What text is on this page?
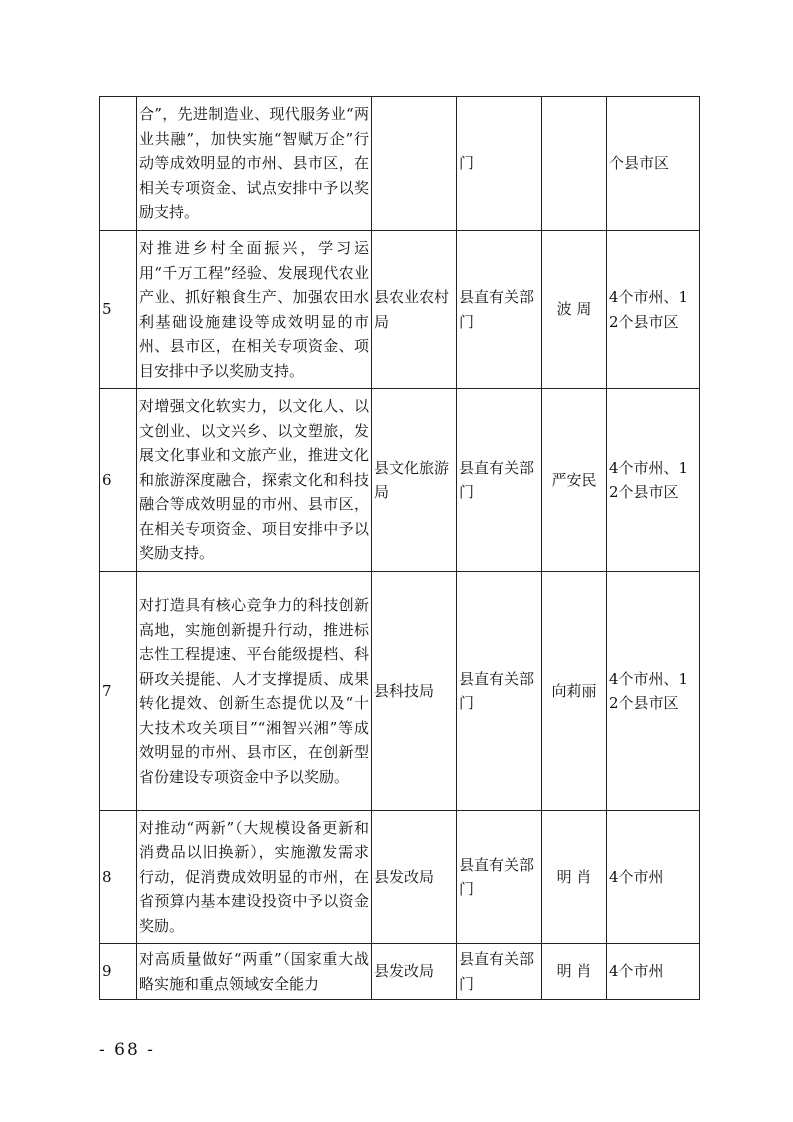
	合”，先进制造业、现代服务业“两业共融”，加快实施“智赋万企”行动等成效明显的市州、县市区，在相关专项资金、试点安排中予以奖励支持。		门		个县市区
5	对推进乡村全面振兴，学习运用“千万工程”经验、发展现代农业产业、抓好粮食生产、加强农田水利基础设施建设等成效明显的市州、县市区，在相关专项资金、项目安排中予以奖励支持。	县农业农村局	县直有关部门	波 周	4个市州、12个县市区
6	对增强文化软实力，以文化人、以文创业、以文兴乡、以文塑旅，发展文化事业和文旅产业，推进文化和旅游深度融合，探索文化和科技融合等成效明显的市州、县市区，在相关专项资金、项目安排中予以奖励支持。	县文化旅游局	县直有关部门	严安民	4个市州、12个县市区
7	对打造具有核心竞争力的科技创新高地，实施创新提升行动，推进标志性工程提速、平台能级提档、科研攻关提能、人才支撑提质、成果转化提效、创新生态提优以及“十大技术攻关项目”“湘智兴湘”等成效明显的市州、县市区，在创新型省份建设专项资金中予以奖励。	县科技局	县直有关部门	向莉丽	4个市州、12个县市区
8	对推动“两新”（大规模设备更新和消费品以旧换新），实施激发需求行动，促消费成效明显的市州，在省预算内基本建设投资中予以资金奖励。	县发改局	县直有关部门	明 肖	4个市州
9	对高质量做好“两重”（国家重大战略实施和重点领域安全能力	县发改局	县直有关部门	明 肖	4个市州
- 68 -
